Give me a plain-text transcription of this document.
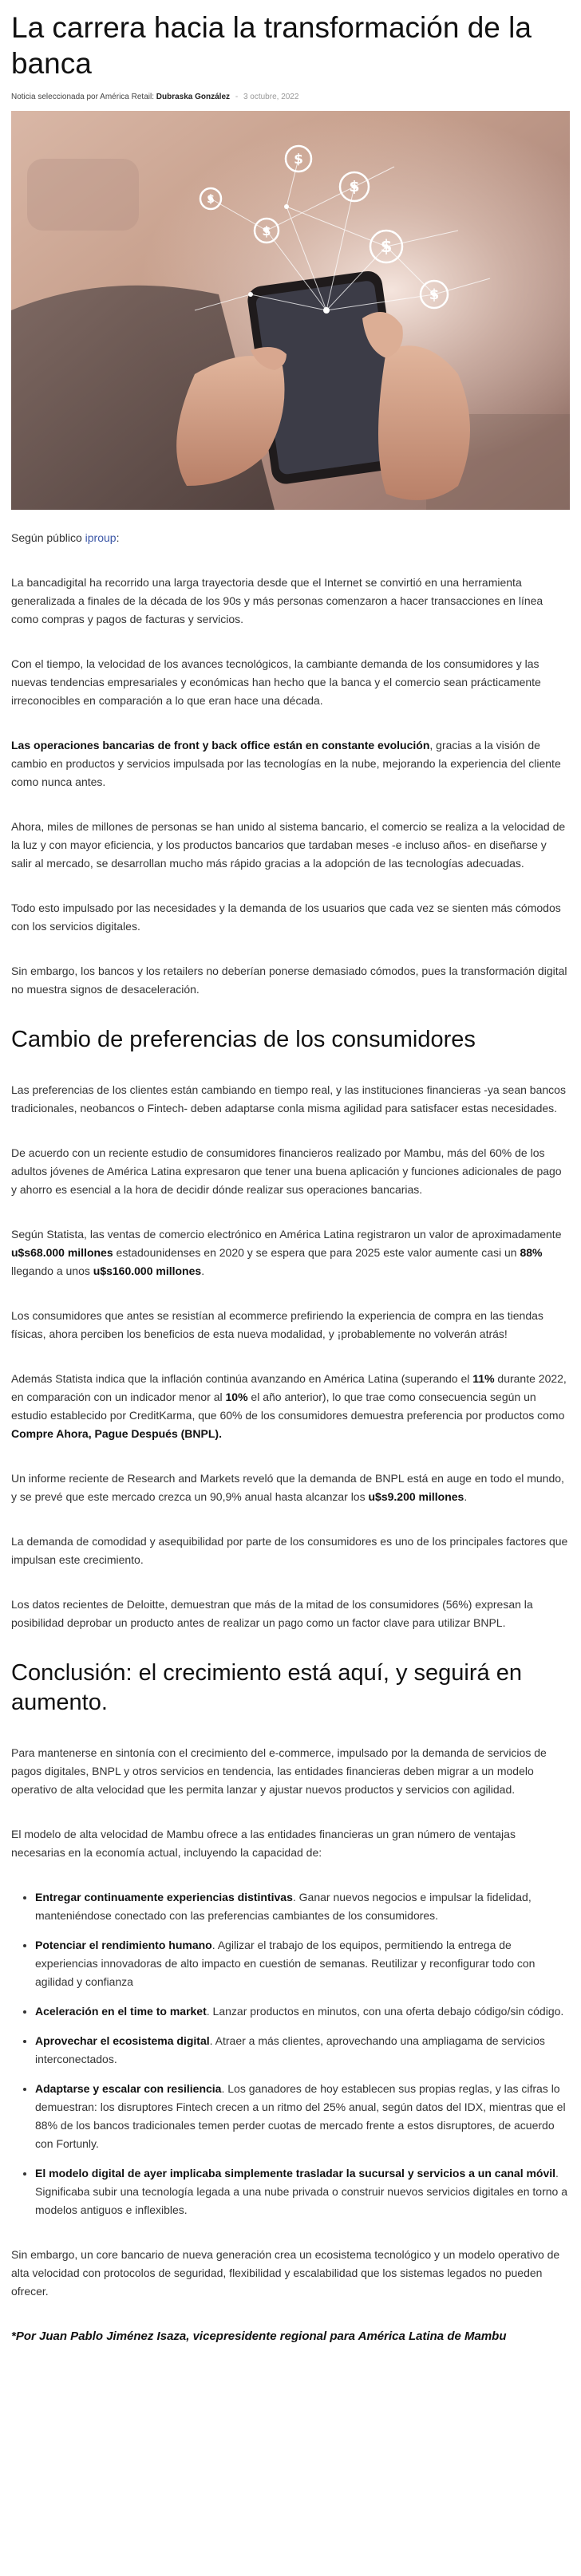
La carrera hacia la transformación de la banca
Noticia seleccionada por América Retail: Dubraska González - 3 octubre, 2022
$
$
$
$
$
$

Según público iproup:

La bancadigital ha recorrido una larga trayectoria desde que el Internet se convirtió en una herramienta generalizada a finales de la década de los 90s y más personas comenzaron a hacer transacciones en línea como compras y pagos de facturas y servicios.

Con el tiempo, la velocidad de los avances tecnológicos, la cambiante demanda de los consumidores y las nuevas tendencias empresariales y económicas han hecho que la banca y el comercio sean prácticamente irreconocibles en comparación a lo que eran hace una década.

Las operaciones bancarias de front y back office están en constante evolución, gracias a la visión de cambio en productos y servicios impulsada por las tecnologías en la nube, mejorando la experiencia del cliente como nunca antes.

Ahora, miles de millones de personas se han unido al sistema bancario, el comercio se realiza a la velocidad de la luz y con mayor eficiencia, y los productos bancarios que tardaban meses -e incluso años- en diseñarse y salir al mercado, se desarrollan mucho más rápido gracias a la adopción de las tecnologías adecuadas.

Todo esto impulsado por las necesidades y la demanda de los usuarios que cada vez se sienten más cómodos con los servicios digitales.

Sin embargo, los bancos y los retailers no deberían ponerse demasiado cómodos, pues la transformación digital no muestra signos de desaceleración.

Cambio de preferencias de los consumidores

Las preferencias de los clientes están cambiando en tiempo real, y las instituciones financieras -ya sean bancos tradicionales, neobancos o Fintech- deben adaptarse conla misma agilidad para satisfacer estas necesidades.

De acuerdo con un reciente estudio de consumidores financieros realizado por Mambu, más del 60% de los adultos jóvenes de América Latina expresaron que tener una buena aplicación y funciones adicionales de pago y ahorro es esencial a la hora de decidir dónde realizar sus operaciones bancarias.

Según Statista, las ventas de comercio electrónico en América Latina registraron un valor de aproximadamente u$s68.000 millones estadounidenses en 2020 y se espera que para 2025 este valor aumente casi un 88% llegando a unos u$s160.000 millones.

Los consumidores que antes se resistían al ecommerce prefiriendo la experiencia de compra en las tiendas físicas, ahora perciben los beneficios de esta nueva modalidad, y ¡probablemente no volverán atrás!

Además Statista indica que la inflación continúa avanzando en América Latina (superando el 11% durante 2022, en comparación con un indicador menor al 10% el año anterior), lo que trae como consecuencia según un estudio establecido por CreditKarma, que 60% de los consumidores demuestra preferencia por productos como Compre Ahora, Pague Después (BNPL).

Un informe reciente de Research and Markets reveló que la demanda de BNPL está en auge en todo el mundo, y se prevé que este mercado crezca un 90,9% anual hasta alcanzar los u$s9.200 millones.

La demanda de comodidad y asequibilidad por parte de los consumidores es uno de los principales factores que impulsan este crecimiento.

Los datos recientes de Deloitte, demuestran que más de la mitad de los consumidores (56%) expresan la posibilidad deprobar un producto antes de realizar un pago como un factor clave para utilizar BNPL.

Conclusión: el crecimiento está aquí, y seguirá en aumento.

Para mantenerse en sintonía con el crecimiento del e-commerce, impulsado por la demanda de servicios de pagos digitales, BNPL y otros servicios en tendencia, las entidades financieras deben migrar a un modelo operativo de alta velocidad que les permita lanzar y ajustar nuevos productos y servicios con agilidad.

El modelo de alta velocidad de Mambu ofrece a las entidades financieras un gran número de ventajas necesarias en la economía actual, incluyendo la capacidad de:

• Entregar continuamente experiencias distintivas. Ganar nuevos negocios e impulsar la fidelidad, manteniéndose conectado con las preferencias cambiantes de los consumidores.
• Potenciar el rendimiento humano. Agilizar el trabajo de los equipos, permitiendo la entrega de experiencias innovadoras de alto impacto en cuestión de semanas. Reutilizar y reconfigurar todo con agilidad y confianza
• Aceleración en el time to market. Lanzar productos en minutos, con una oferta debajo código/sin código.
• Aprovechar el ecosistema digital. Atraer a más clientes, aprovechando una ampliagama de servicios interconectados.
• Adaptarse y escalar con resiliencia. Los ganadores de hoy establecen sus propias reglas, y las cifras lo demuestran: los disruptores Fintech crecen a un ritmo del 25% anual, según datos del IDX, mientras que el 88% de los bancos tradicionales temen perder cuotas de mercado frente a estos disruptores, de acuerdo con Fortunly.
• El modelo digital de ayer implicaba simplemente trasladar la sucursal y servicios a un canal móvil. Significaba subir una tecnología legada a una nube privada o construir nuevos servicios digitales en torno a modelos antiguos e inflexibles.

Sin embargo, un core bancario de nueva generación crea un ecosistema tecnológico y un modelo operativo de alta velocidad con protocolos de seguridad, flexibilidad y escalabilidad que los sistemas legados no pueden ofrecer.

*Por Juan Pablo Jiménez Isaza, vicepresidente regional para América Latina de Mambu
